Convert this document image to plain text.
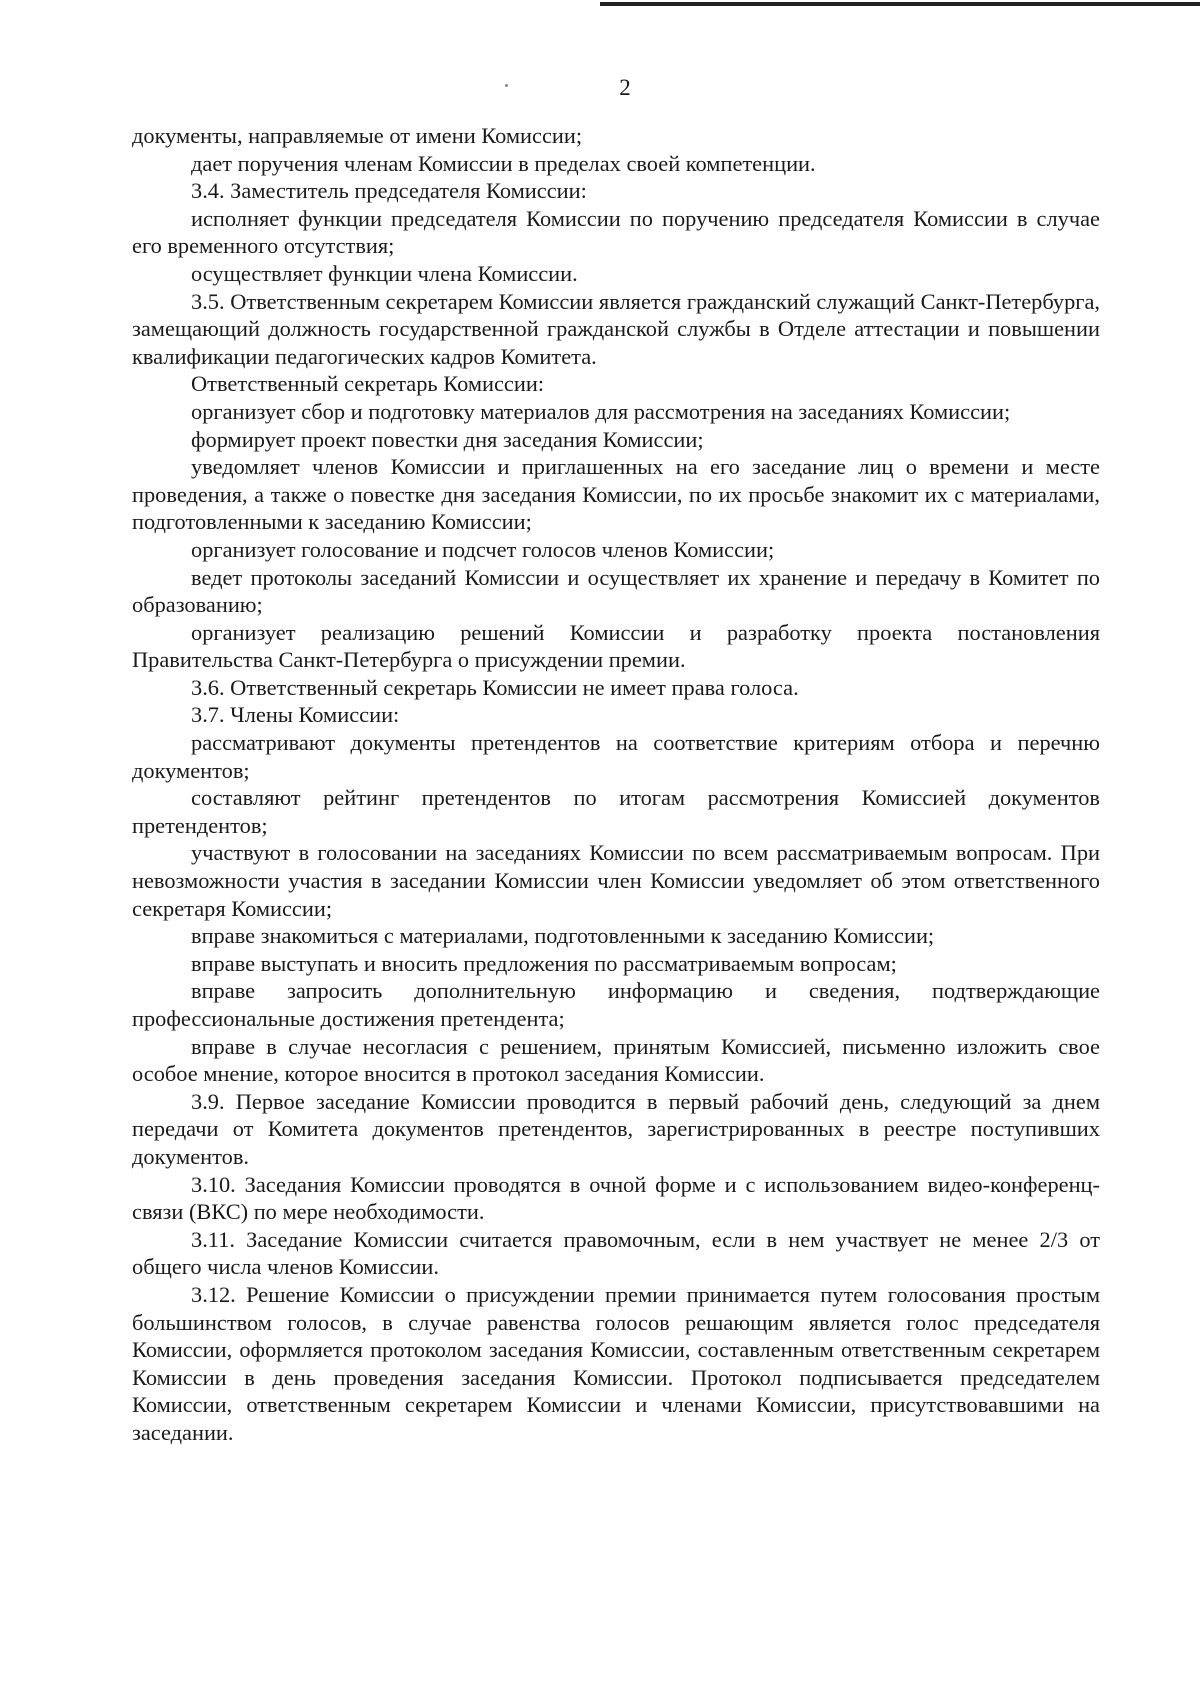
2

документы, направляемые от имени Комиссии;

дает поручения членам Комиссии в пределах своей компетенции.

3.4. Заместитель председателя Комиссии:

исполняет функции председателя Комиссии по поручению председателя Комиссии в случае его временного отсутствия;

осуществляет функции члена Комиссии.

3.5. Ответственным секретарем Комиссии является гражданский служащий Санкт-Петербурга, замещающий должность государственной гражданской службы в Отделе аттестации и повышении квалификации педагогических кадров Комитета.

Ответственный секретарь Комиссии:

организует сбор и подготовку материалов для рассмотрения на заседаниях Комиссии;

формирует проект повестки дня заседания Комиссии;

уведомляет членов Комиссии и приглашенных на его заседание лиц о времени и месте проведения, а также о повестке дня заседания Комиссии, по их просьбе знакомит их с материалами, подготовленными к заседанию Комиссии;

организует голосование и подсчет голосов членов Комиссии;

ведет протоколы заседаний Комиссии и осуществляет их хранение и передачу в Комитет по образованию;

организует реализацию решений Комиссии и разработку проекта постановления Правительства Санкт-Петербурга о присуждении премии.

3.6. Ответственный секретарь Комиссии не имеет права голоса.

3.7. Члены Комиссии:

рассматривают документы претендентов на соответствие критериям отбора и перечню документов;

составляют рейтинг претендентов по итогам рассмотрения Комиссией документов претендентов;

участвуют в голосовании на заседаниях Комиссии по всем рассматриваемым вопросам. При невозможности участия в заседании Комиссии член Комиссии уведомляет об этом ответственного секретаря Комиссии;

вправе знакомиться с материалами, подготовленными к заседанию Комиссии;

вправе выступать и вносить предложения по рассматриваемым вопросам;

вправе запросить дополнительную информацию и сведения, подтверждающие профессиональные достижения претендента;

вправе в случае несогласия с решением, принятым Комиссией, письменно изложить свое особое мнение, которое вносится в протокол заседания Комиссии.

3.9. Первое заседание Комиссии проводится в первый рабочий день, следующий за днем передачи от Комитета документов претендентов, зарегистрированных в реестре поступивших документов.

3.10. Заседания Комиссии проводятся в очной форме и с использованием видео-конференц-связи (ВКС) по мере необходимости.

3.11. Заседание Комиссии считается правомочным, если в нем участвует не менее 2/3 от общего числа членов Комиссии.

3.12. Решение Комиссии о присуждении премии принимается путем голосования простым большинством голосов, в случае равенства голосов решающим является голос председателя Комиссии, оформляется протоколом заседания Комиссии, составленным ответственным секретарем Комиссии в день проведения заседания Комиссии. Протокол подписывается председателем Комиссии, ответственным секретарем Комиссии и членами Комиссии, присутствовавшими на заседании.
